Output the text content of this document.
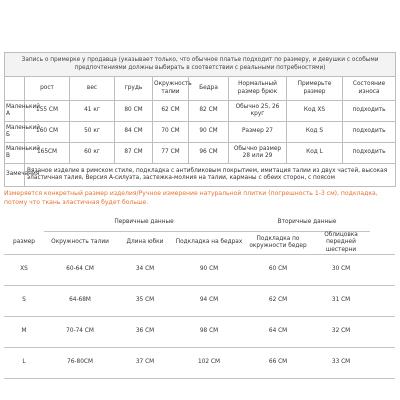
Запись о примерке у продавца (указывает только, что обычное платье подходит по размеру, и девушки с особыми предпочтениями должны выбирать в соответствии с реальными потребностями)								
	рост	вес	грудь	Окружность талии	Бедра	Нормальный размер брюк	Примерьте размер	Состояние износа
Маленький А	155 CM	41 кг	80 CM	62 CM	82 CM	Обычно 25, 26 круг	Код XS	подходить
Маленький Б	160 CM	50 кг	84 CM	70 CM	90 CM	Размер 27	Код S	подходить
Маленький В	165CM	60 кг	87 CM	77 CM	96 CM	Обычно размер 28 или 29	Код L	подходить
Замечания	Вязаное изделие в римском стиле, подкладка с антибликовым покрытием, имитация талии из двух частей, высокая эластичная талия, Версия А-силуэта, застежка-молния на талии, карманы с обеих сторон, с поясом							
Измеряется конкретный размер изделия/Ручное измерение натуральной плитки (погрешность 1-3 см), подкладка, потому что ткань эластичная будет больше.
	Первичные данные			Вторичные данные		
размер	Окружность талии	Длина юбки	Подкладка на бедрах	Подкладка по окружности бедер	Облицовка передней шестерни	
XS	60-64 CM	34 CM	90 CM	60 CM	30 CM	
S	64-68M	35 CM	94 CM	62 CM	31 CM	
M	70-74 CM	36 CM	98 CM	64 CM	32 CM	
L	76-80CM	37 CM	102 CM	66 CM	33 CM	
